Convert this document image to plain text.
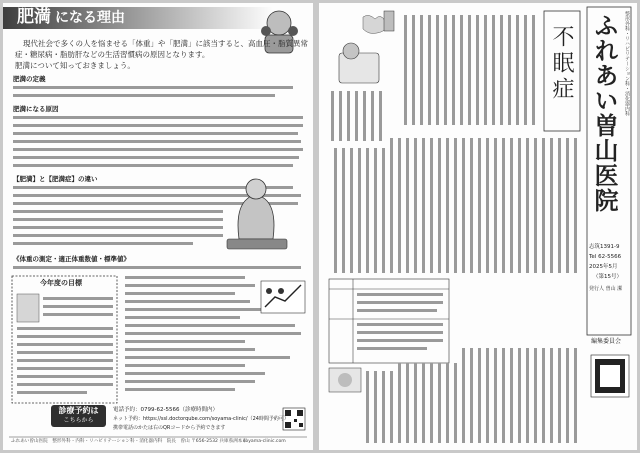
肥満 になる理由
現代社会で多くの人を悩ませる「体重」や「肥満」に該当すると、高血圧・脂質異常
症・糖尿病・脂肪肝などの生活習慣病の原因となります。
肥満について知っておきましょう。
肥満の定義
肥満になる原因
【肥満】と【肥満症】の違い
《体重の測定・適正体重数値・標準値》
今年度の目標
診療予約は
こちらから
電話予約：0799-62-5566（診療時間内）
ネット予約：https://ssl.doctorqube.com/soyama-clinic/（24時間予約可）
携帯電話のかたは右のQRコードから予約できます
ふれあい曽山医院　整形外科・内科・リハビリテーション科・消化器内科　院長　曽山 〒656-2532 兵庫県洲本市
soyama-clinic.com
整形外科・リハビリテーション科・消化器内科
ふれあい曽山医院
不眠症
志筑1391-9
Tel 62-5566
2025年5月
（第15号）
発行人 曽山 潔
編集委員会
